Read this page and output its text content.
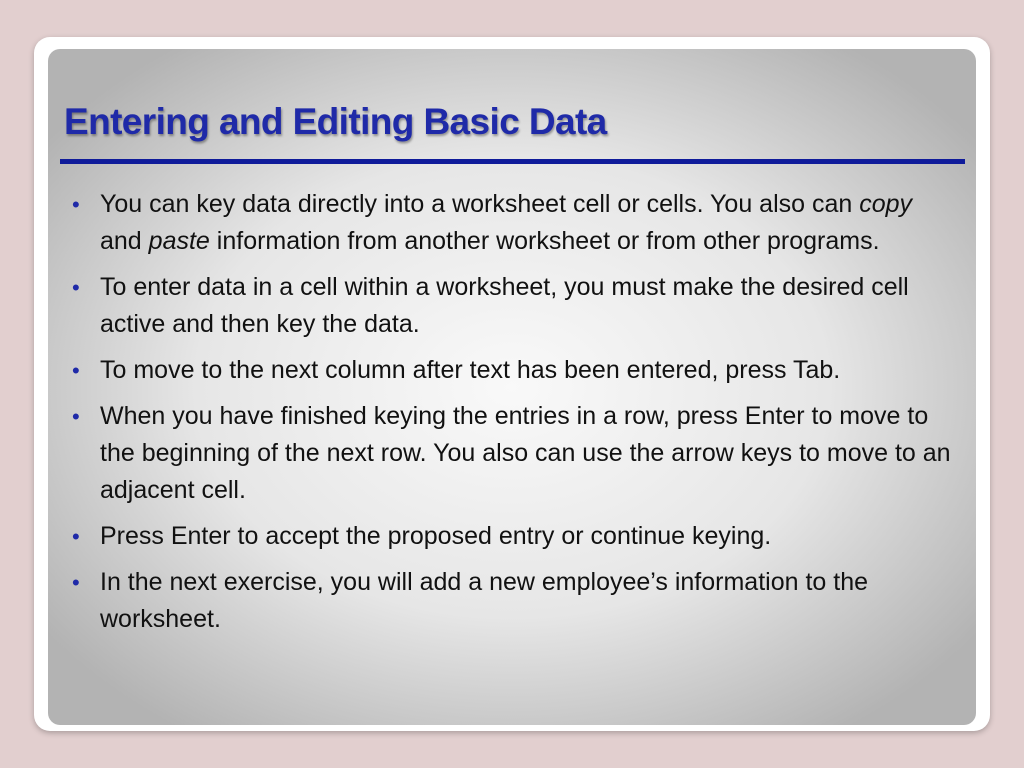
Entering and Editing Basic Data
• You can key data directly into a worksheet cell or cells. You also can copy and paste information from another worksheet or from other programs.
• To enter data in a cell within a worksheet, you must make the desired cell active and then key the data.
• To move to the next column after text has been entered, press Tab.
• When you have finished keying the entries in a row, press Enter to move to the beginning of the next row. You also can use the arrow keys to move to an adjacent cell.
• Press Enter to accept the proposed entry or continue keying.
• In the next exercise, you will add a new employee’s information to the worksheet.
